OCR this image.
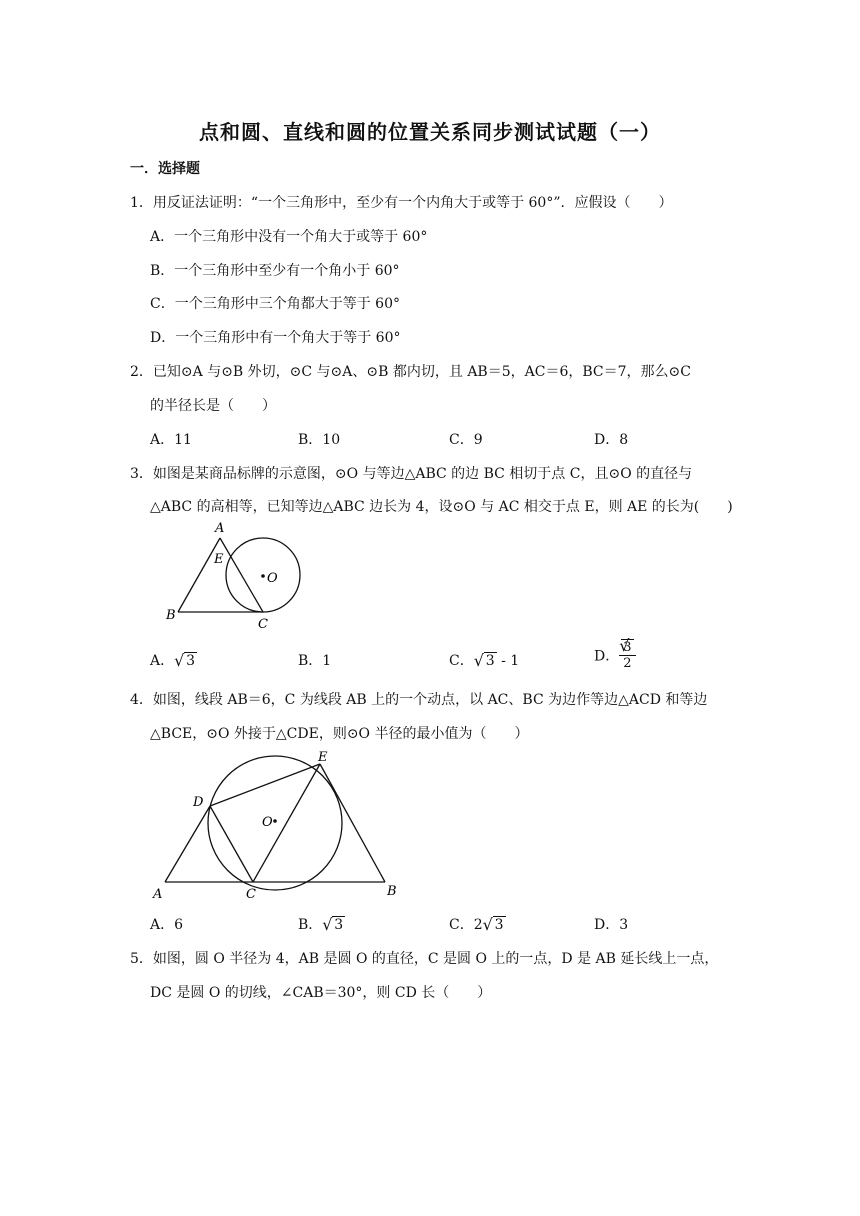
点和圆、直线和圆的位置关系同步测试试题（一）
一．选择题
1．用反证法证明：“一个三角形中，至少有一个内角大于或等于 60°”．应假设（　　）
A．一个三角形中没有一个角大于或等于 60°
B．一个三角形中至少有一个角小于 60°
C．一个三角形中三个角都大于等于 60°
D．一个三角形中有一个角大于等于 60°
2．已知⊙A 与⊙B 外切，⊙C 与⊙A、⊙B 都内切，且 AB＝5，AC＝6，BC＝7，那么⊙C
的半径长是（　　）
A．11	B．10	C．9	D．8
3．如图是某商品标牌的示意图，⊙O 与等边△ABC 的边 BC 相切于点 C，且⊙O 的直径与
△ABC 的高相等，已知等边△ABC 边长为 4，设⊙O 与 AC 相交于点 E，则 AE 的长为(　　)
A
B
C
E
O
A． √ 3	B．1	C． √ 3 - 1	D． √ $\frac{3}{2}$
4．如图，线段 AB＝6，C 为线段 AB 上的一个动点，以 AC、BC 为边作等边△ACD 和等边
△BCE，⊙O 外接于△CDE，则⊙O 半径的最小值为（　　）
A	B
C
D
E
O
A．6	B． √ 3	C．2 √ 3	D．3
5．如图，圆 O 半径为 4，AB 是圆 O 的直径，C 是圆 O 上的一点，D 是 AB 延长线上一点，
DC 是圆 O 的切线，∠CAB＝30°，则 CD 长（　　）
